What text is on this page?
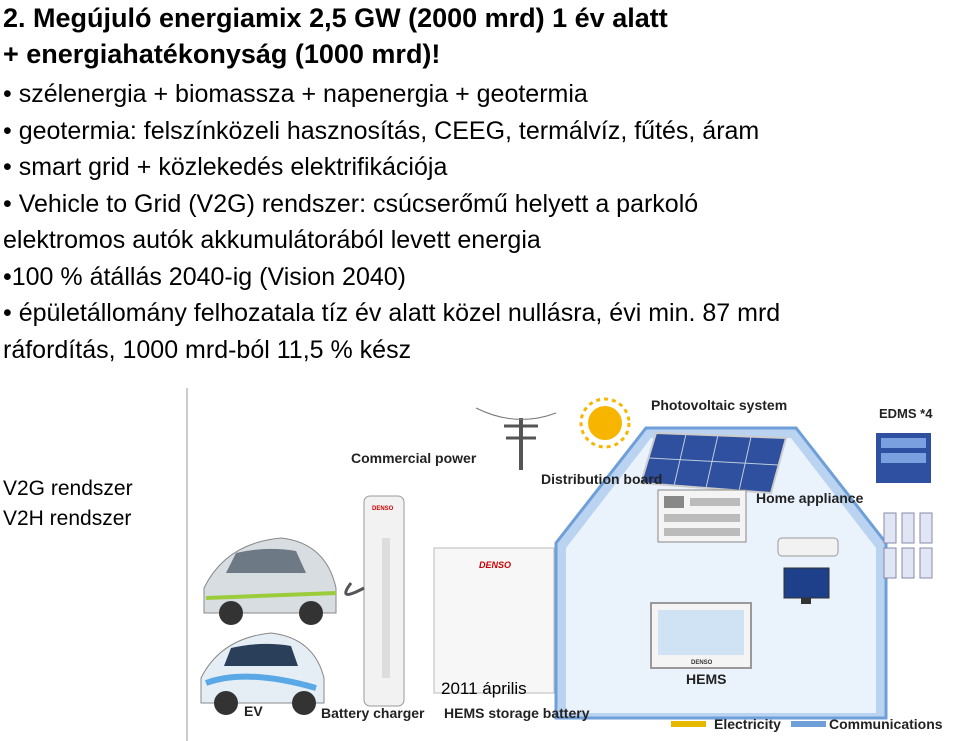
2. Megújuló energiamix 2,5 GW (2000 mrd) 1 év alatt
+ energiahatékonyság (1000 mrd)!
• szélenergia + biomassza + napenergia + geotermia
• geotermia: felszínközeli hasznosítás, CEEG, termálvíz, fűtés, áram
• smart grid + közlekedés elektrifikációja
• Vehicle to Grid (V2G) rendszer: csúcserőmű helyett a parkoló
elektromos autók akkumulátorából levett energia
•100 % átállás 2040-ig (Vision 2040)
• épületállomány felhozatala tíz év alatt közel nullásra, évi min. 87 mrd
ráfordítás, 1000 mrd-ból 11,5 % kész
V2G rendszer
V2H rendszer
Commercial power
Photovoltaic system
EDMS *4
Distribution board
Home appliance
DENSO
HEMS
DENSO
DENSO
EV	Battery charger HEMS storage battery
Electricity	Communications
2011 április
